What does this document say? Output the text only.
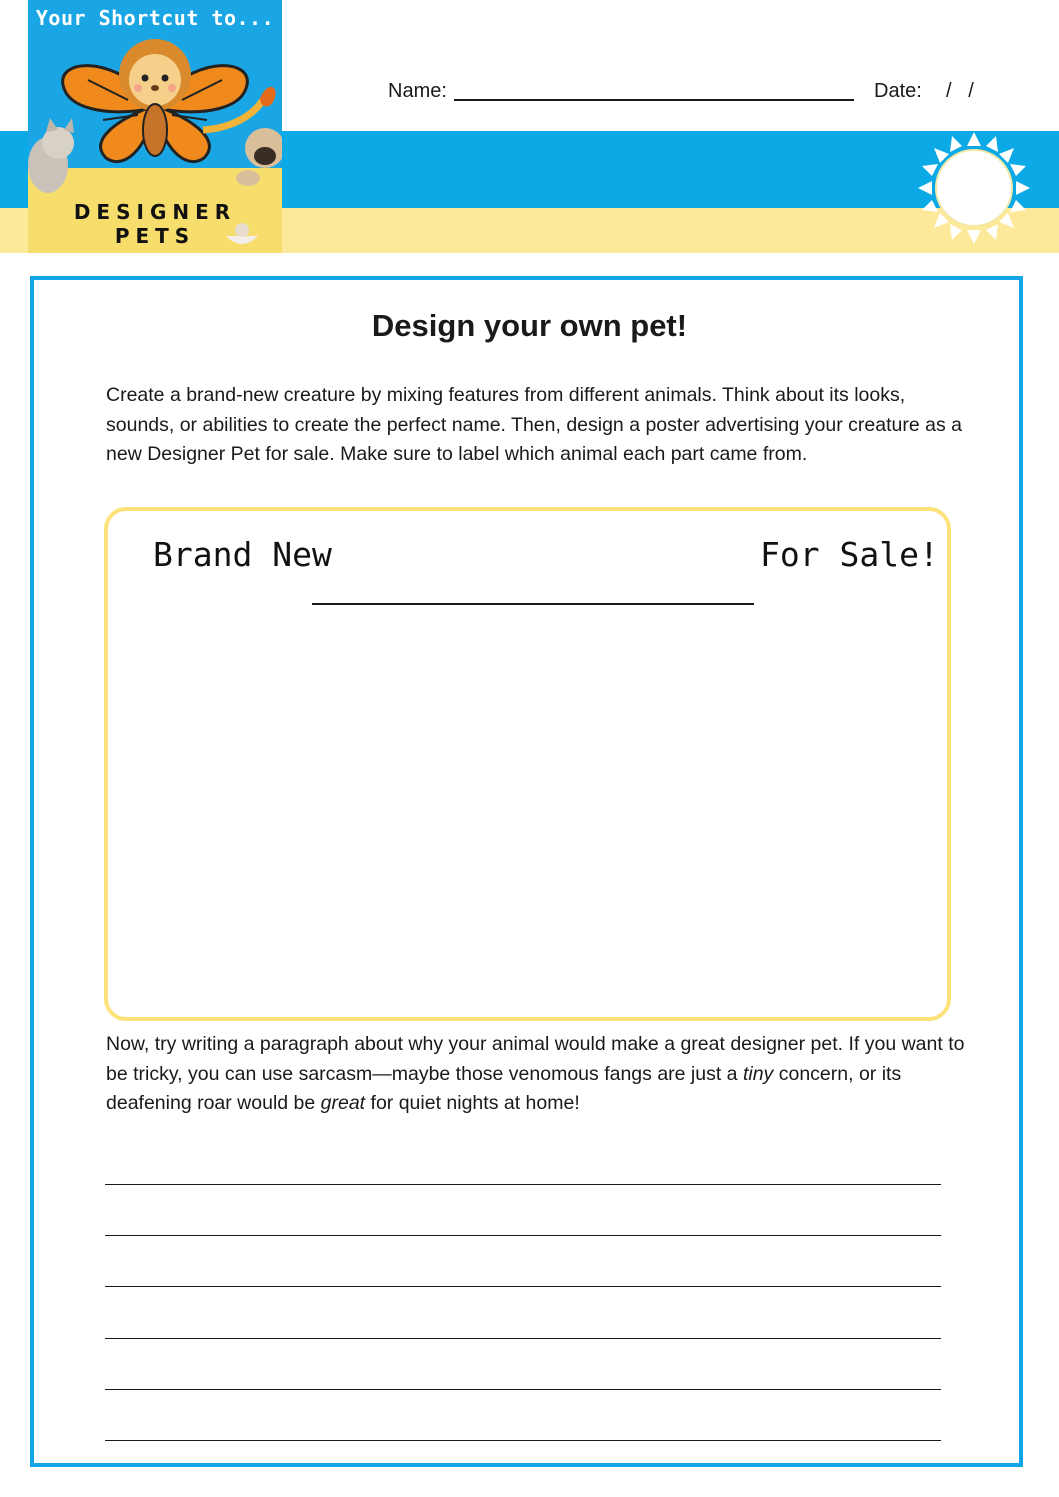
Your Shortcut to...
DESIGNER PETS
Name:	Date: /   /
Design your own pet!
Create a brand-new creature by mixing features from different animals. Think about its looks, sounds, or abilities to create the perfect name. Then, design a poster advertising your creature as a new Designer Pet for sale. Make sure to label which animal each part came from.
Brand New	For Sale!
Now, try writing a paragraph about why your animal would make a great designer pet. If you want to be tricky, you can use sarcasm—maybe those venomous fangs are just a tiny concern, or its deafening roar would be great for quiet nights at home!
